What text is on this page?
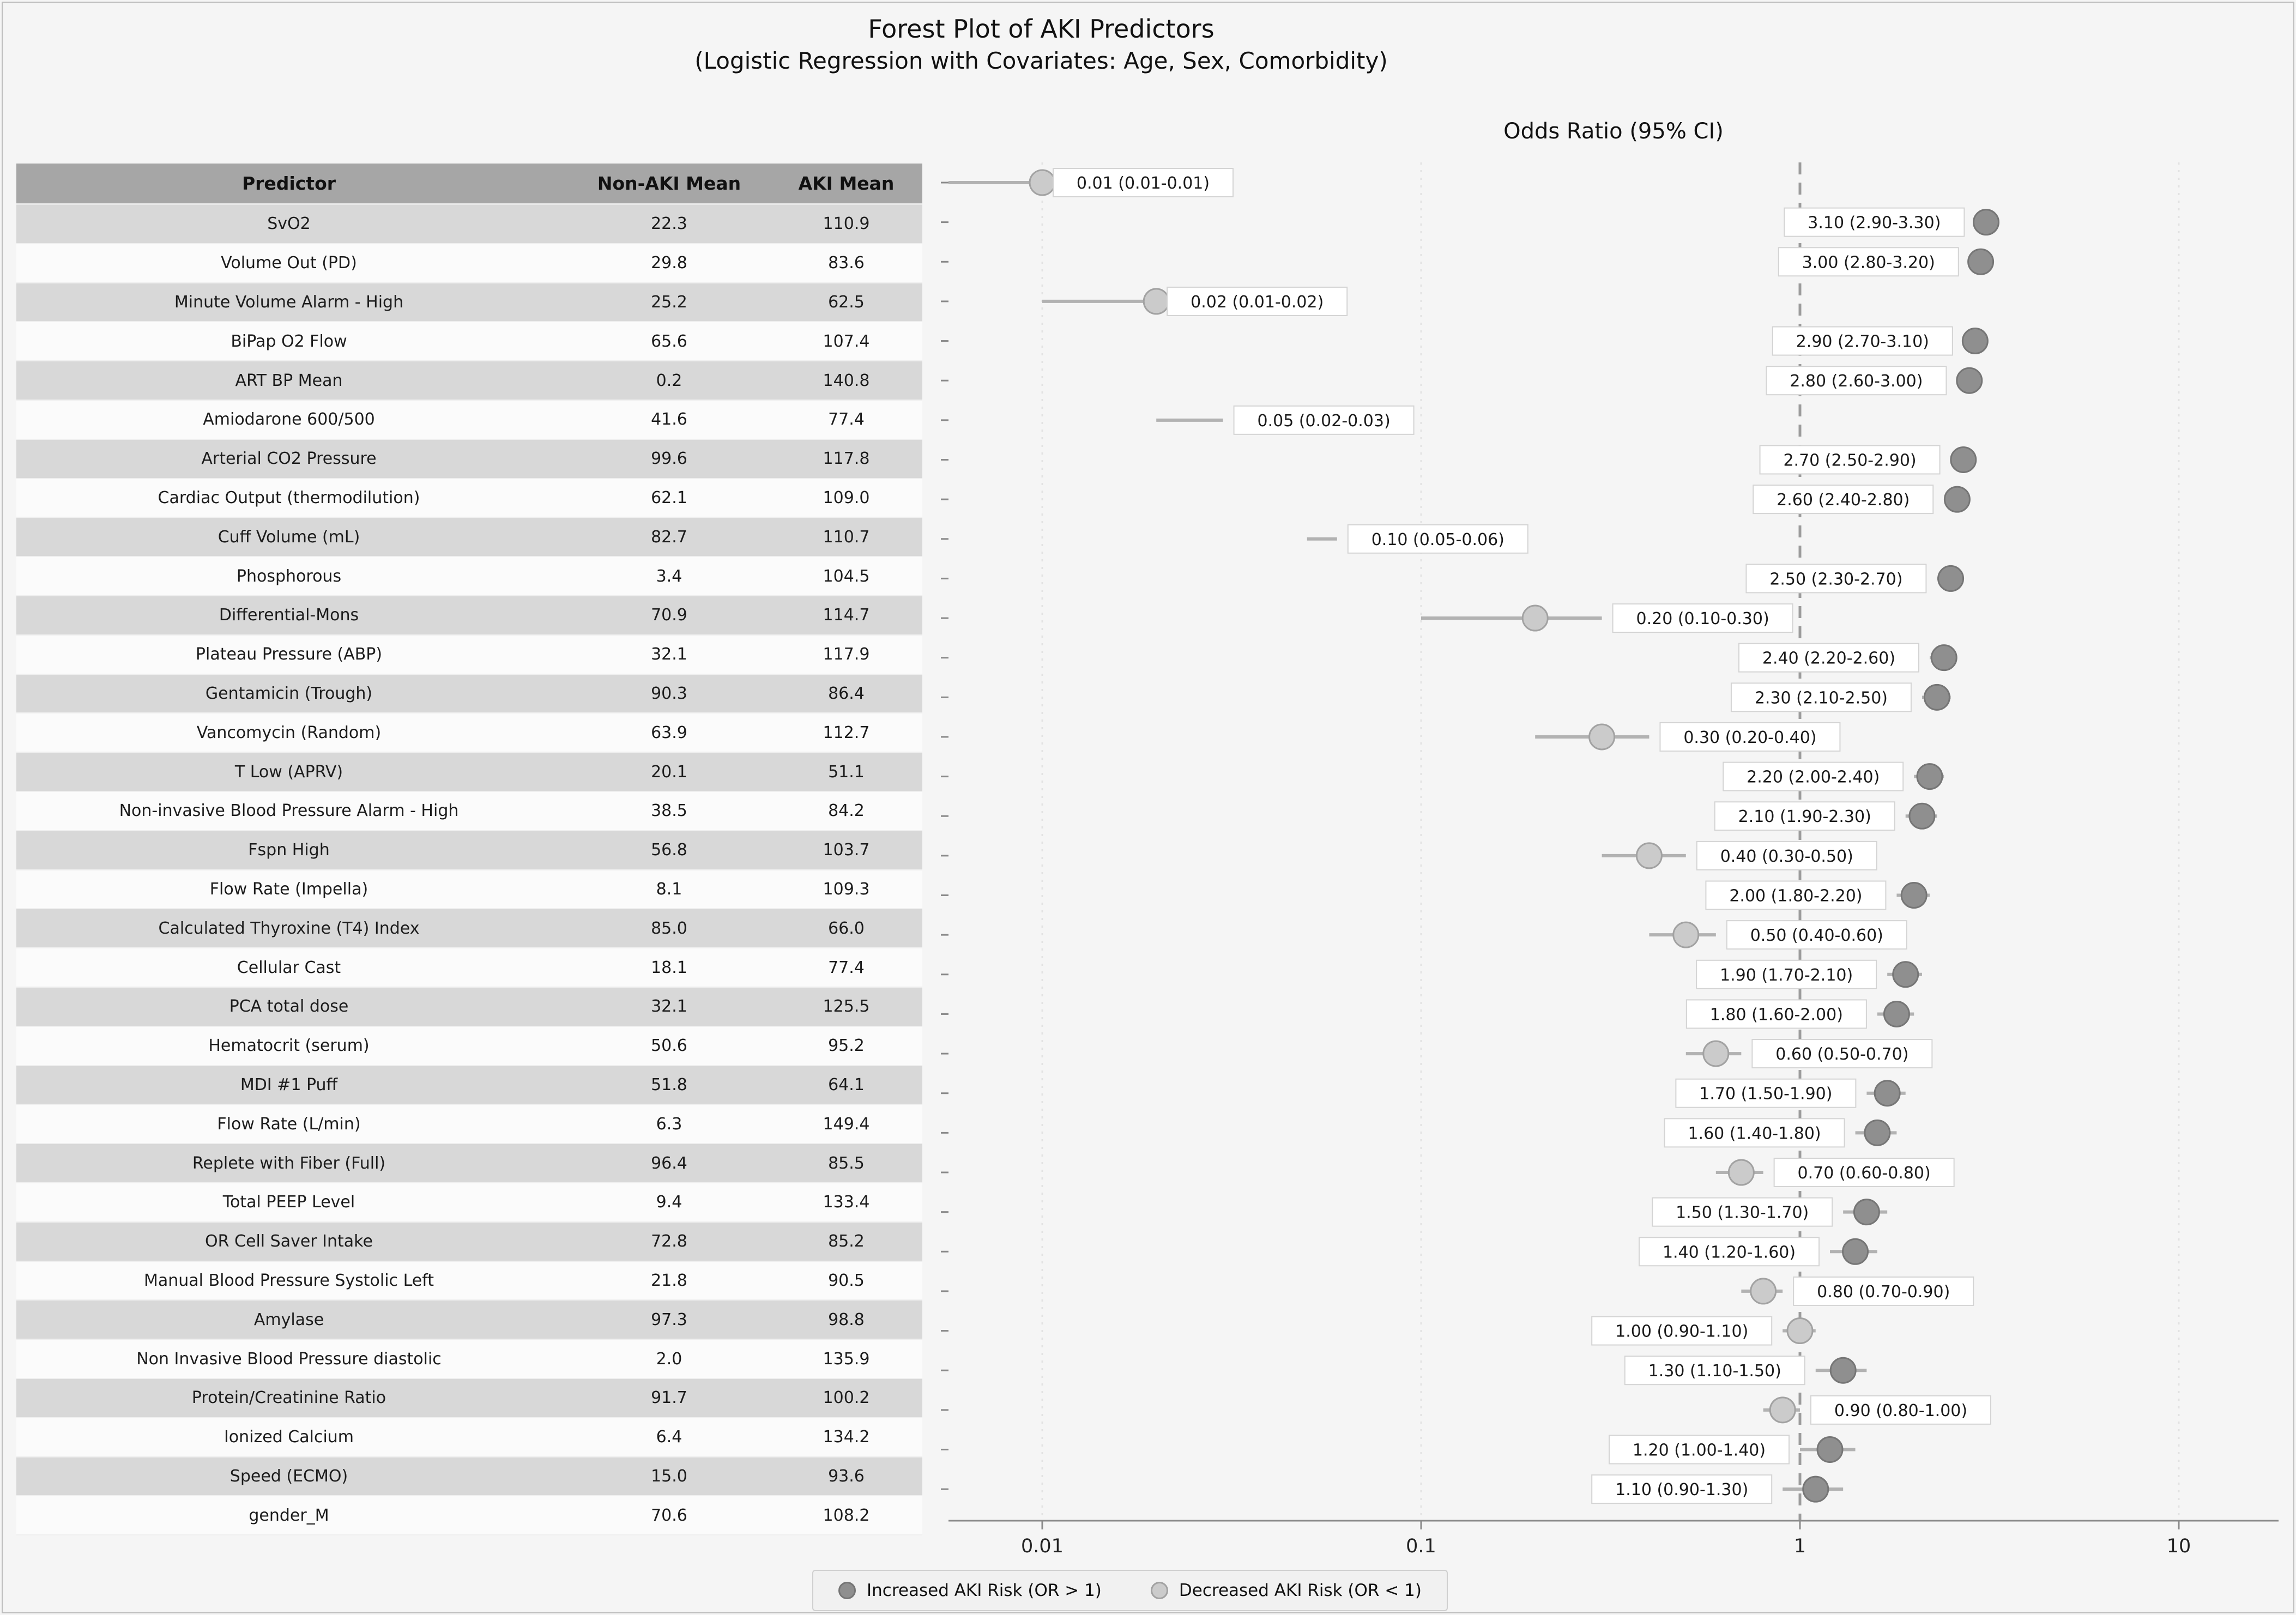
Forest Plot of AKI Predictors
(Logistic Regression with Covariates: Age, Sex, Comorbidity)
Odds Ratio (95% CI)
Predictor	Non-AKI Mean	AKI Mean
SvO2	22.3	110.9
Volume Out (PD)	29.8	83.6
Minute Volume Alarm - High	25.2	62.5
BiPap O2 Flow	65.6	107.4
ART BP Mean	0.2	140.8
Amiodarone 600/500	41.6	77.4
Arterial CO2 Pressure	99.6	117.8
Cardiac Output (thermodilution)	62.1	109.0
Cuff Volume (mL)	82.7	110.7
Phosphorous	3.4	104.5
Differential-Mons	70.9	114.7
Plateau Pressure (ABP)	32.1	117.9
Gentamicin (Trough)	90.3	86.4
Vancomycin (Random)	63.9	112.7
T Low (APRV)	20.1	51.1
Non-invasive Blood Pressure Alarm - High	38.5	84.2
Fspn High	56.8	103.7
Flow Rate (Impella)	8.1	109.3
Calculated Thyroxine (T4) Index	85.0	66.0
Cellular Cast	18.1	77.4
PCA total dose	32.1	125.5
Hematocrit (serum)	50.6	95.2
MDI #1 Puff	51.8	64.1
Flow Rate (L/min)	6.3	149.4
Replete with Fiber (Full)	96.4	85.5
Total PEEP Level	9.4	133.4
OR Cell Saver Intake	72.8	85.2
Manual Blood Pressure Systolic Left	21.8	90.5
Amylase	97.3	98.8
Non Invasive Blood Pressure diastolic	2.0	135.9
Protein/Creatinine Ratio	91.7	100.2
Ionized Calcium	6.4	134.2
Speed (ECMO)	15.0	93.6
gender_M	70.6	108.2
0.01	0.1	1	10
0.01 (0.01-0.01)
3.10 (2.90-3.30)
3.00 (2.80-3.20)
0.02 (0.01-0.02)
2.90 (2.70-3.10)
2.80 (2.60-3.00)
0.05 (0.02-0.03)
2.70 (2.50-2.90)
2.60 (2.40-2.80)
0.10 (0.05-0.06)
2.50 (2.30-2.70)
0.20 (0.10-0.30)
2.40 (2.20-2.60)
2.30 (2.10-2.50)
0.30 (0.20-0.40)
2.20 (2.00-2.40)
2.10 (1.90-2.30)
0.40 (0.30-0.50)
2.00 (1.80-2.20)
0.50 (0.40-0.60)
1.90 (1.70-2.10)
1.80 (1.60-2.00)
0.60 (0.50-0.70)
1.70 (1.50-1.90)
1.60 (1.40-1.80)
0.70 (0.60-0.80)
1.50 (1.30-1.70)
1.40 (1.20-1.60)
0.80 (0.70-0.90)
1.00 (0.90-1.10)
1.30 (1.10-1.50)
0.90 (0.80-1.00)
1.20 (1.00-1.40)
1.10 (0.90-1.30)
Increased AKI Risk (OR > 1)	Decreased AKI Risk (OR < 1)
